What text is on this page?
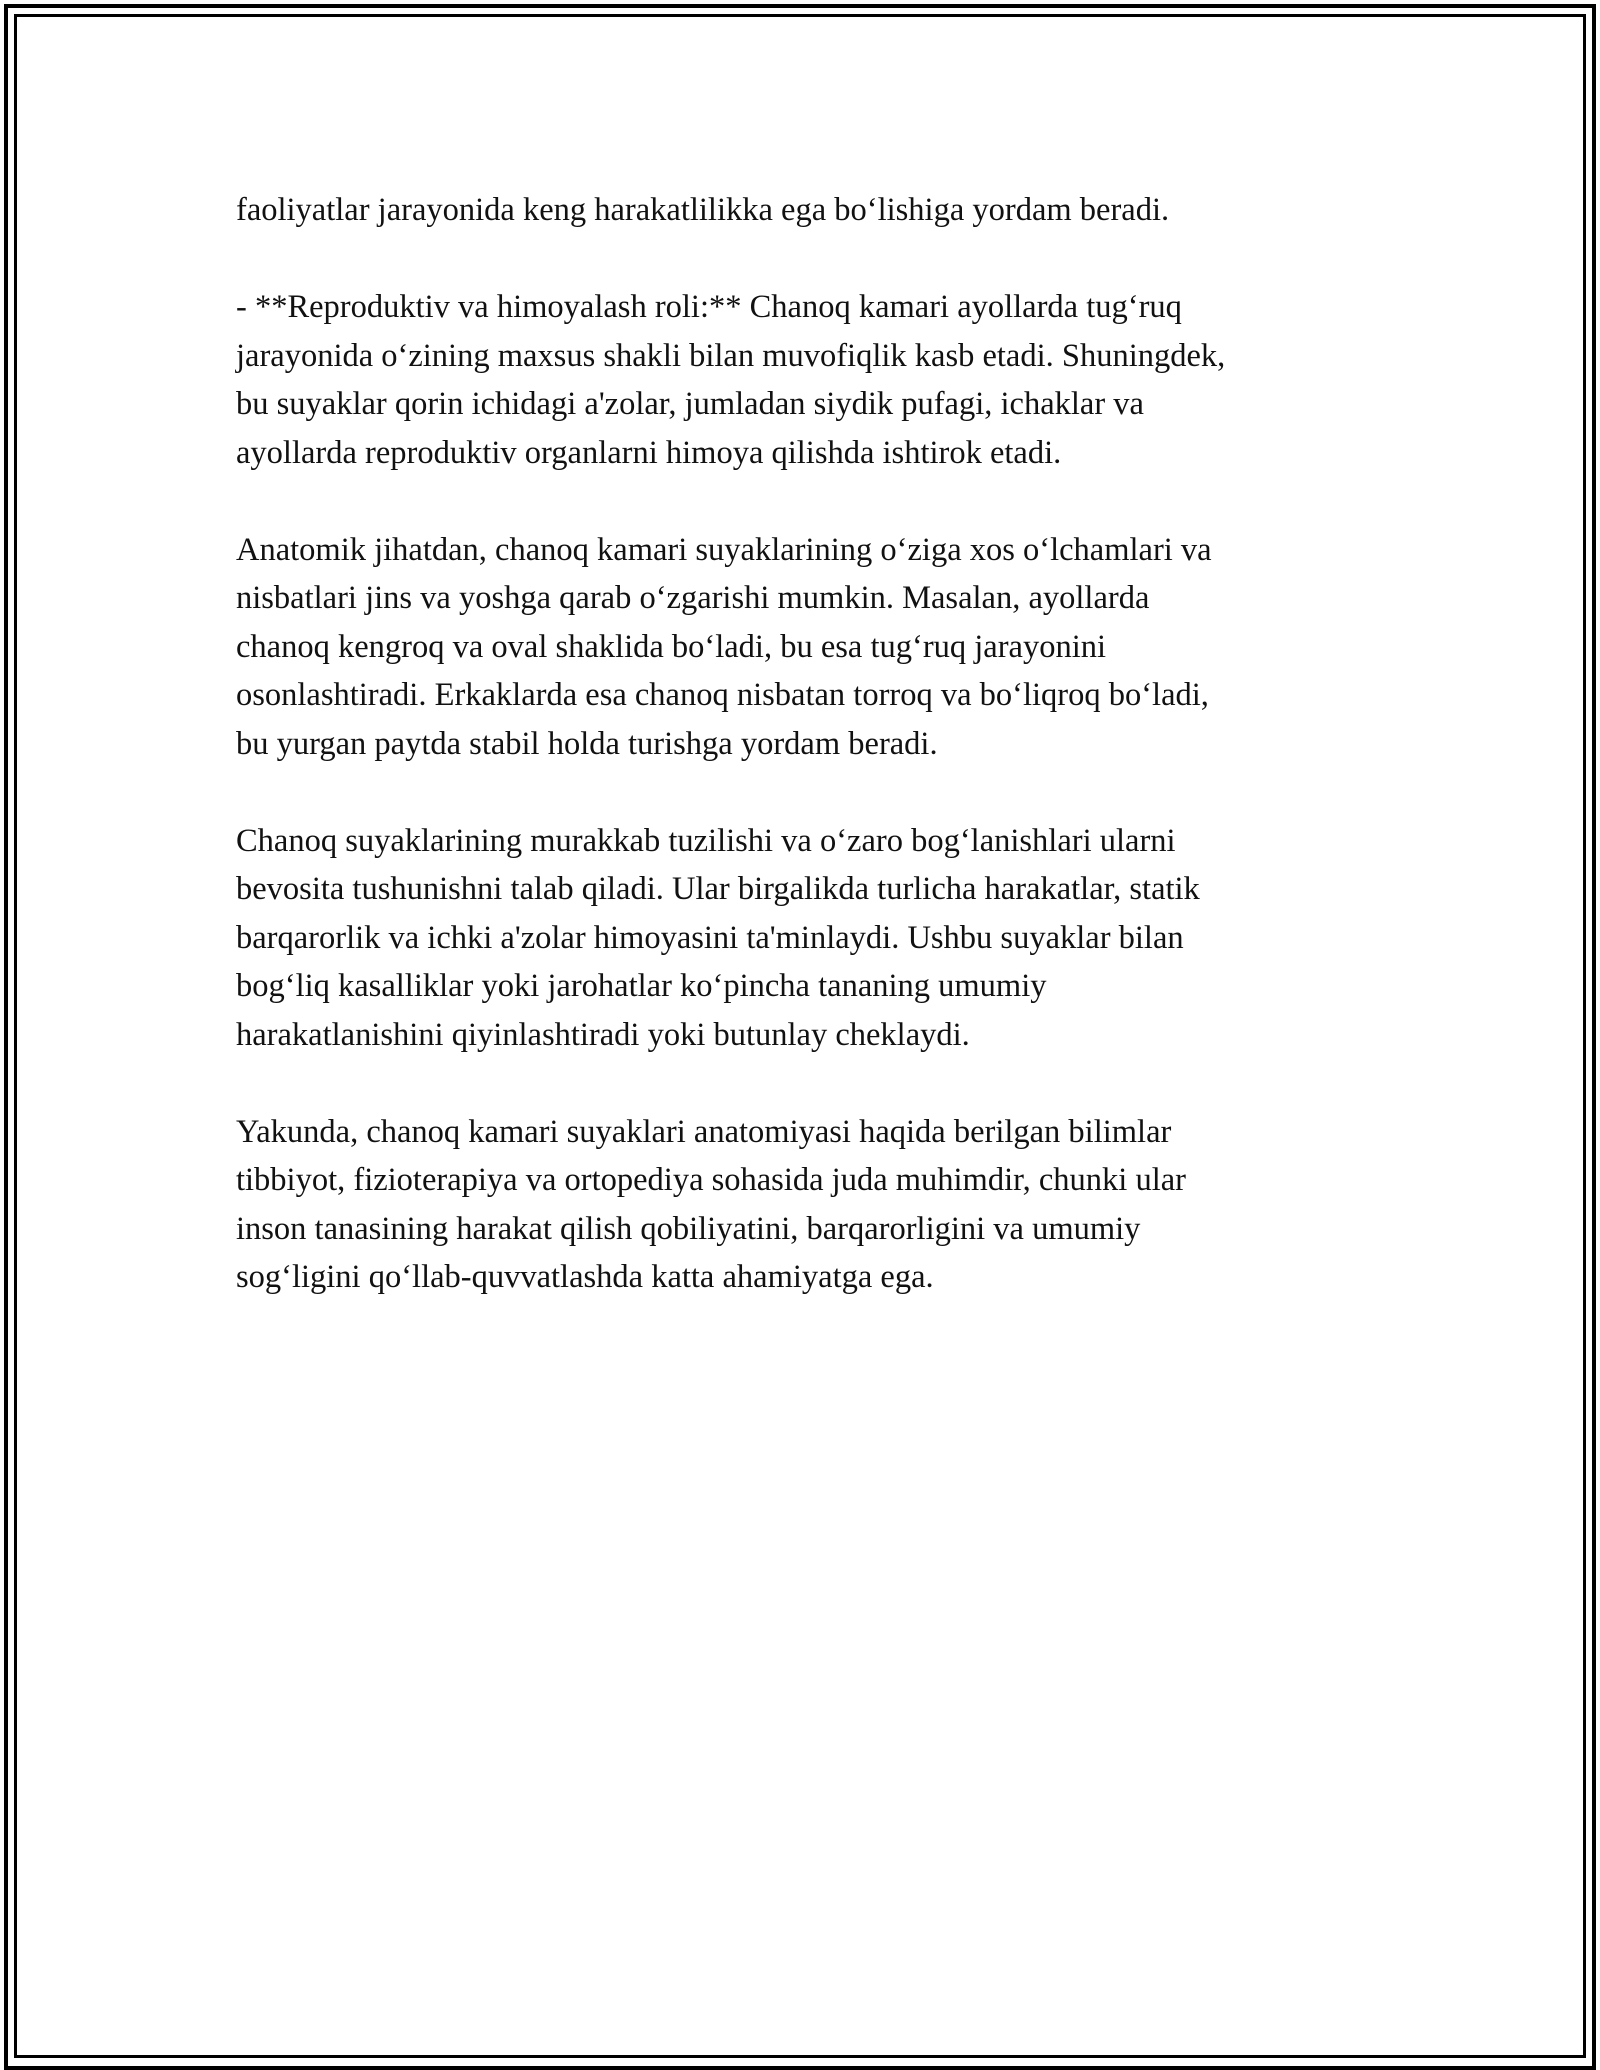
faoliyatlar jarayonida keng harakatlilikka ega bo‘lishiga yordam beradi.
- **Reproduktiv va himoyalash roli:** Chanoq kamari ayollarda tug‘ruq
jarayonida o‘zining maxsus shakli bilan muvofiqlik kasb etadi. Shuningdek,
bu suyaklar qorin ichidagi a'zolar, jumladan siydik pufagi, ichaklar va
ayollarda reproduktiv organlarni himoya qilishda ishtirok etadi.
Anatomik jihatdan, chanoq kamari suyaklarining o‘ziga xos o‘lchamlari va
nisbatlari jins va yoshga qarab o‘zgarishi mumkin. Masalan, ayollarda
chanoq kengroq va oval shaklida bo‘ladi, bu esa tug‘ruq jarayonini
osonlashtiradi. Erkaklarda esa chanoq nisbatan torroq va bo‘liqroq bo‘ladi,
bu yurgan paytda stabil holda turishga yordam beradi.
Chanoq suyaklarining murakkab tuzilishi va o‘zaro bog‘lanishlari ularni
bevosita tushunishni talab qiladi. Ular birgalikda turlicha harakatlar, statik
barqarorlik va ichki a'zolar himoyasini ta'minlaydi. Ushbu suyaklar bilan
bog‘liq kasalliklar yoki jarohatlar ko‘pincha tananing umumiy
harakatlanishini qiyinlashtiradi yoki butunlay cheklaydi.
Yakunda, chanoq kamari suyaklari anatomiyasi haqida berilgan bilimlar
tibbiyot, fizioterapiya va ortopediya sohasida juda muhimdir, chunki ular
inson tanasining harakat qilish qobiliyatini, barqarorligini va umumiy
sog‘ligini qo‘llab-quvvatlashda katta ahamiyatga ega.
